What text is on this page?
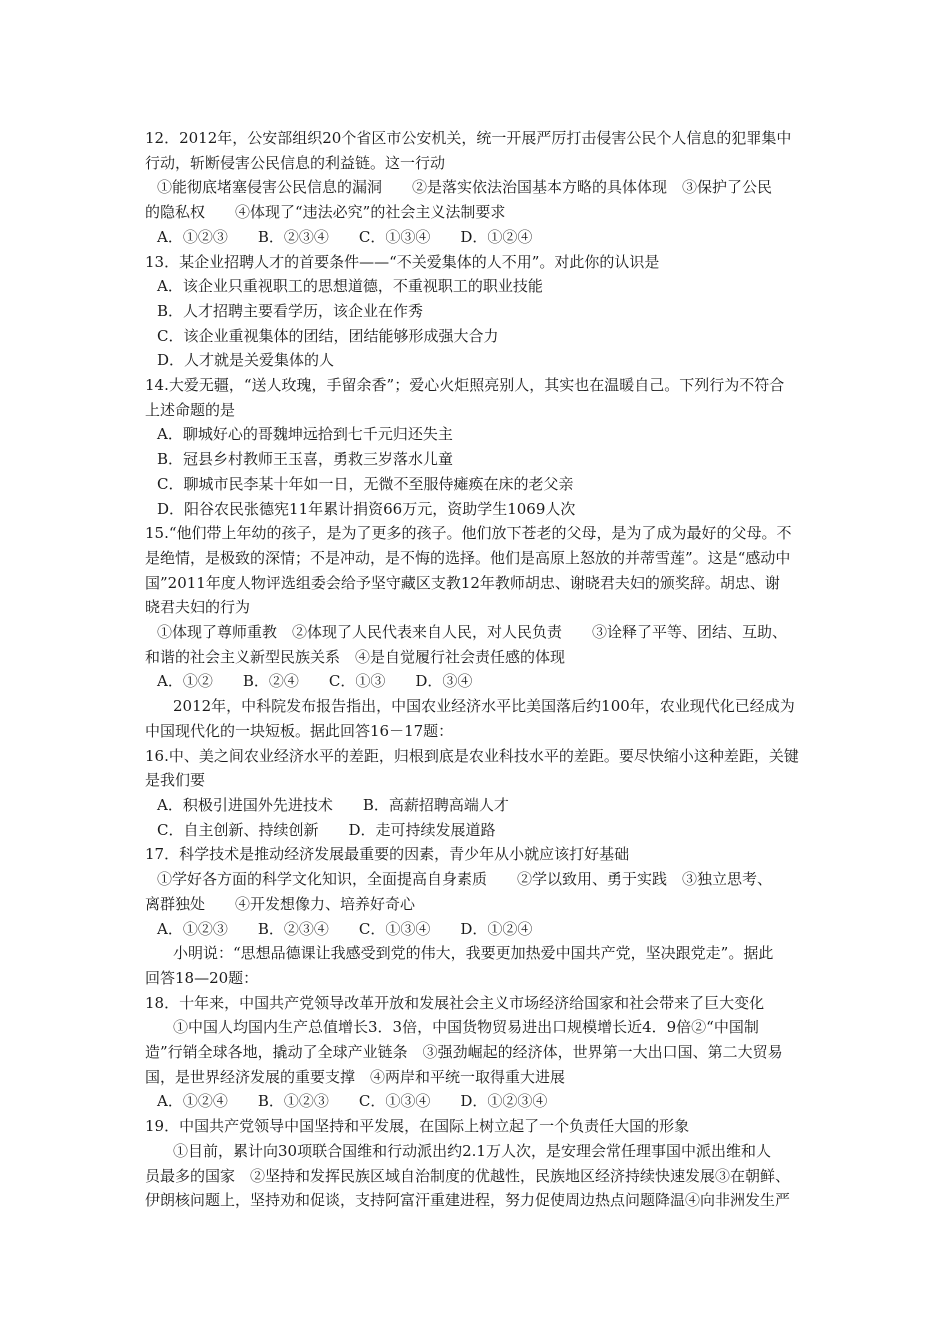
12．2012年，公安部组织20个省区市公安机关，统一开展严厉打击侵害公民个人信息的犯罪集中
行动，斩断侵害公民信息的利益链。这一行动
①能彻底堵塞侵害公民信息的漏洞　　②是落实依法治国基本方略的具体体现　③保护了公民
的隐私权　　④体现了“违法必究”的社会主义法制要求
A．①②③　　B．②③④　　C．①③④　　D．①②④
13．某企业招聘人才的首要条件——“不关爱集体的人不用”。对此你的认识是
A．该企业只重视职工的思想道德，不重视职工的职业技能
B．人才招聘主要看学历，该企业在作秀
C．该企业重视集体的团结，团结能够形成强大合力
D．人才就是关爱集体的人
14.大爱无疆，“送人玫瑰，手留余香”；爱心火炬照亮别人，其实也在温暖自己。下列行为不符合
上述命题的是
A．聊城好心的哥魏坤远拾到七千元归还失主
B．冠县乡村教师王玉喜，勇救三岁落水儿童
C．聊城市民李某十年如一日，无微不至服侍瘫痪在床的老父亲
D．阳谷农民张德宪11年累计捐资66万元，资助学生1069人次
15.“他们带上年幼的孩子，是为了更多的孩子。他们放下苍老的父母，是为了成为最好的父母。不
是绝情，是极致的深情；不是冲动，是不悔的选择。他们是高原上怒放的并蒂雪莲”。这是“感动中
国”2011年度人物评选组委会给予坚守藏区支教12年教师胡忠、谢晓君夫妇的颁奖辞。胡忠、谢
晓君夫妇的行为
①体现了尊师重教　②体现了人民代表来自人民，对人民负责　　③诠释了平等、团结、互助、
和谐的社会主义新型民族关系　④是自觉履行社会责任感的体现
A．①②　　B．②④　　C．①③　　D．③④
2012年，中科院发布报告指出，中国农业经济水平比美国落后约100年，农业现代化已经成为
中国现代化的一块短板。据此回答16－17题：
16.中、美之间农业经济水平的差距，归根到底是农业科技水平的差距。要尽快缩小这种差距，关键
是我们要
A．积极引进国外先进技术　　B．高薪招聘高端人才
C．自主创新、持续创新　　D．走可持续发展道路
17．科学技术是推动经济发展最重要的因素，青少年从小就应该打好基础
①学好各方面的科学文化知识，全面提高自身素质　　②学以致用、勇于实践　③独立思考、
离群独处　　④开发想像力、培养好奇心
A．①②③　　B．②③④　　C．①③④　　D．①②④
小明说：“思想品德课让我感受到党的伟大，我要更加热爱中国共产党，坚决跟党走”。据此
回答18—20题：
18．十年来，中国共产党领导改革开放和发展社会主义市场经济给国家和社会带来了巨大变化
①中国人均国内生产总值增长3．3倍，中国货物贸易进出口规模增长近4．9倍②“中国制
造”行销全球各地，撬动了全球产业链条　③强劲崛起的经济体，世界第一大出口国、第二大贸易
国，是世界经济发展的重要支撑　④两岸和平统一取得重大进展
A．①②④　　B．①②③　　C．①③④　　D．①②③④
19．中国共产党领导中国坚持和平发展，在国际上树立起了一个负责任大国的形象
①目前，累计向30项联合国维和行动派出约2.1万人次，是安理会常任理事国中派出维和人
员最多的国家　②坚持和发挥民族区域自治制度的优越性，民族地区经济持续快速发展③在朝鲜、
伊朗核问题上，坚持劝和促谈，支持阿富汗重建进程，努力促使周边热点问题降温④向非洲发生严
